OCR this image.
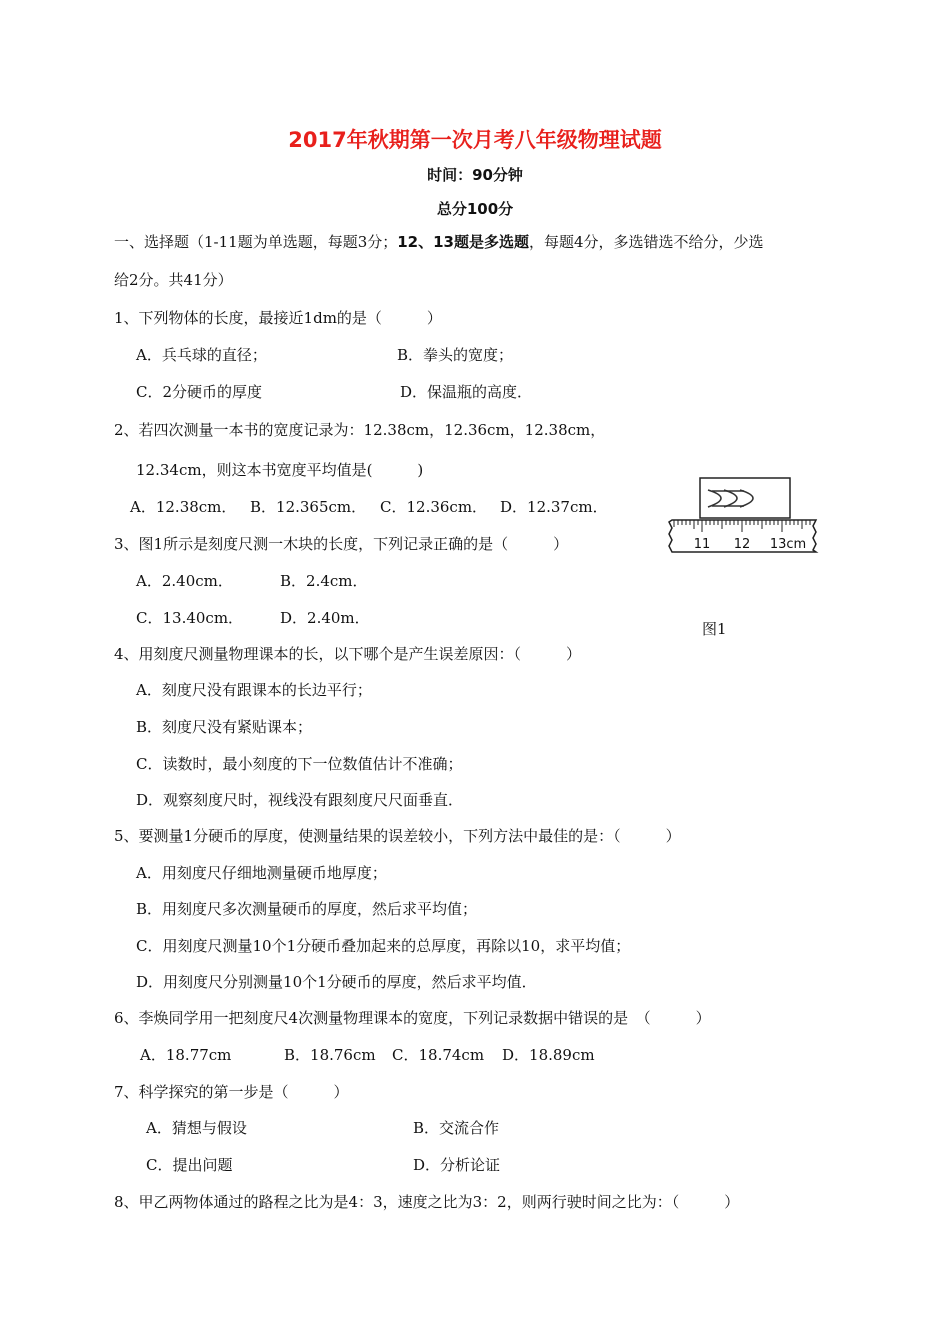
2017年秋期第一次月考八年级物理试题
时间：90分钟
总分100分
一、选择题（1-11题为单选题，每题3分；12、13题是多选题，每题4分，多选错选不给分，少选
给2分。共41分）
1、下列物体的长度，最接近1dm的是（　　　）
A．兵乓球的直径；	B．拳头的宽度；
C．2分硬币的厚度	D．保温瓶的高度．
2、若四次测量一本书的宽度记录为：12.38cm，12.36cm，12.38cm，
12.34cm，则这本书宽度平均值是(　　　)
A．12.38cm． B．12.365cm． C．12.36cm． D．12.37cm．
11 12 13cm
图1
3、图1所示是刻度尺测一木块的长度，下列记录正确的是（　　　）
A．2.40cm．	B．2.4cm．
C．13.40cm． D．2.40m．
4、用刻度尺测量物理课本的长，以下哪个是产生误差原因：（　　　）
A．刻度尺没有跟课本的长边平行；
B．刻度尺没有紧贴课本；
C．读数时，最小刻度的下一位数值估计不准确；
D．观察刻度尺时，视线没有跟刻度尺尺面垂直．
5、要测量1分硬币的厚度，使测量结果的误差较小，下列方法中最佳的是：（　　　）
A．用刻度尺仔细地测量硬币地厚度；
B．用刻度尺多次测量硬币的厚度，然后求平均值；
C．用刻度尺测量10个1分硬币叠加起来的总厚度，再除以10，求平均值；
D．用刻度尺分别测量10个1分硬币的厚度，然后求平均值．
6、李焕同学用一把刻度尺4次测量物理课本的宽度，下列记录数据中错误的是　（　　　）
A．18.77cm	B．18.76cm C．18.74cm D．18.89cm
7、科学探究的第一步是（　　　）
A．猜想与假设	B．交流合作
C．提出问题	D．分析论证
8、甲乙两物体通过的路程之比为是4：3，速度之比为3：2，则两行驶时间之比为：（　　　）
